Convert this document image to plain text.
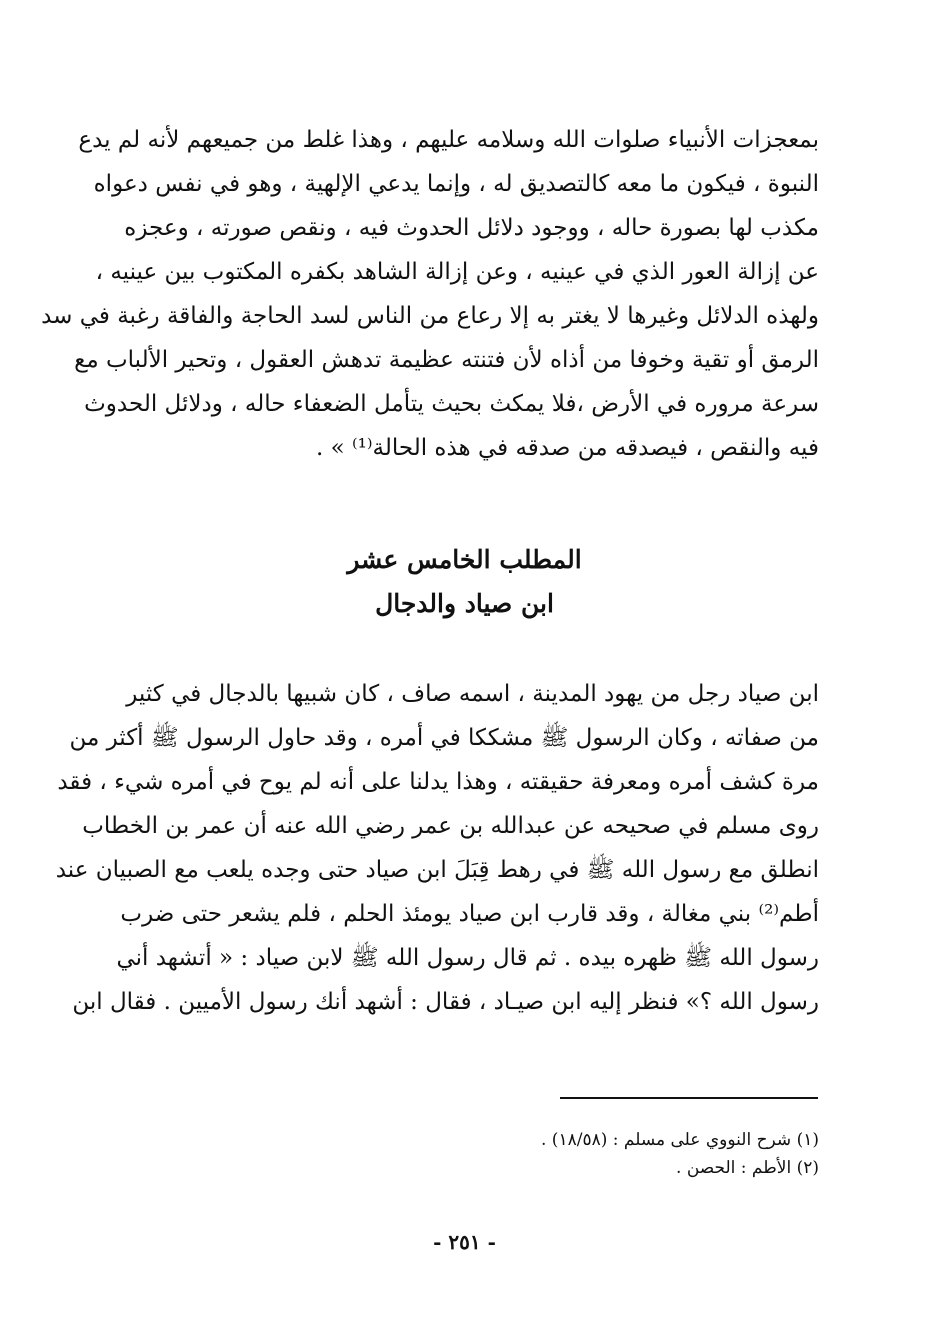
بمعجزات الأنبياء صلوات الله وسلامه عليهم ، وهذا غلط من جميعهم لأنه لم يدع
النبوة ، فيكون ما معه كالتصديق له ، وإنما يدعي الإلهية ، وهو في نفس دعواه
مكذب لها بصورة حاله ، ووجود دلائل الحدوث فيه ، ونقص صورته ، وعجزه
عن إزالة العور الذي في عينيه ، وعن إزالة الشاهد بكفره المكتوب بين عينيه ،
ولهذه الدلائل وغيرها لا يغتر به إلا رعاع من الناس لسد الحاجة والفاقة رغبة في سد
الرمق أو تقية وخوفا من أذاه لأن فتنته عظيمة تدهش العقول ، وتحير الألباب مع
سرعة مروره في الأرض ،فلا يمكث بحيث يتأمل الضعفاء حاله ، ودلائل الحدوث
فيه والنقص ، فيصدقه من صدقه في هذه الحالة⁽¹⁾ » .
المطلب الخامس عشر
ابن صياد والدجال
ابن صياد رجل من يهود المدينة ، اسمه صاف ، كان شبيها بالدجال في كثير
من صفاته ، وكان الرسول ﷺ مشككا في أمره ، وقد حاول الرسول ﷺ أكثر من
مرة كشف أمره ومعرفة حقيقته ، وهذا يدلنا على أنه لم يوح في أمره شيء ، فقد
روى مسلم في صحيحه عن عبدالله بن عمر رضي الله عنه أن عمر بن الخطاب
انطلق مع رسول الله ﷺ في رهط قِبَلَ ابن صياد حتى وجده يلعب مع الصبيان عند
أطم⁽²⁾ بني مغالة ، وقد قارب ابن صياد يومئذ الحلم ، فلم يشعر حتى ضرب
رسول الله ﷺ ظهره بيده . ثم قال رسول الله ﷺ لابن صياد : « أتشهد أني
رسول الله ؟» فنظر إليه ابن صيـاد ، فقال : أشهد أنك رسول الأميين . فقال ابن
(١) شرح النووي على مسلم : (١٨/٥٨) .
(٢) الأطم : الحصن .
- ٢٥١ -
